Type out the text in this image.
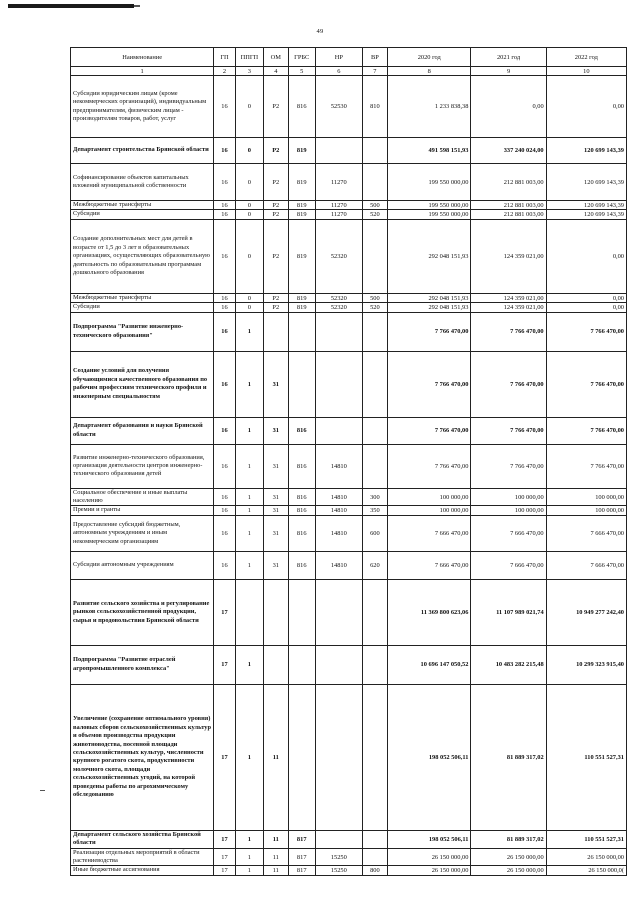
49
Наименование	ГП	ППГП	ОМ	ГРБС	НР	ВР	2020 год	2021 год	2022 год
1	2	3	4	5	6	7	8	9	10
Субсидии юридическим лицам (кроме некоммерческих организаций), индивидуальным предпринимателям, физическим лицам - производителям товаров, работ, услуг	16	0	Р2	816	52530	810	1 233 838,38	0,00	0,00
Департамент строительства Брянской области	16	0	Р2	819			491 598 151,93	337 240 024,00	120 699 143,39
Софинансирование объектов капитальных вложений муниципальной собственности	16	0	Р2	819	11270		199 550 000,00	212 881 003,00	120 699 143,39
Межбюджетные трансферты	16	0	Р2	819	11270	500	199 550 000,00	212 881 003,00	120 699 143,39
Субсидии	16	0	Р2	819	11270	520	199 550 000,00	212 881 003,00	120 699 143,39
Создание дополнительных мест для детей в возрасте от 1,5 до 3 лет в образовательных организациях, осуществляющих образовательную деятельность по образовательным программам дошкольного образования	16	0	Р2	819	52320		292 048 151,93	124 359 021,00	0,00
Межбюджетные трансферты	16	0	Р2	819	52320	500	292 048 151,93	124 359 021,00	0,00
Субсидии	16	0	Р2	819	52320	520	292 048 151,93	124 359 021,00	0,00
Подпрограмма "Развитие инженерно-технического образования"	16	1					7 766 470,00	7 766 470,00	7 766 470,00
Создание условий для получения обучающимися качественного образования по рабочим профессиям технического профиля и инженерным специальностям	16	1	31				7 766 470,00	7 766 470,00	7 766 470,00
Департамент образования и науки Брянской области	16	1	31	816			7 766 470,00	7 766 470,00	7 766 470,00
Развитие инженерно-технического образования, организация деятельности центров инженерно-технического образования детей	16	1	31	816	14810		7 766 470,00	7 766 470,00	7 766 470,00
Социальное обеспечение и иные выплаты населению	16	1	31	816	14810	300	100 000,00	100 000,00	100 000,00
Премии и гранты	16	1	31	816	14810	350	100 000,00	100 000,00	100 000,00
Предоставление субсидий бюджетным, автономным учреждениям и иным некоммерческим организациям	16	1	31	816	14810	600	7 666 470,00	7 666 470,00	7 666 470,00
Субсидии автономным учреждениям	16	1	31	816	14810	620	7 666 470,00	7 666 470,00	7 666 470,00
Развитие сельского хозяйства и регулирование рынков сельскохозяйственной продукции, сырья и продовольствия Брянской области	17						11 369 800 623,06	11 107 989 021,74	10 949 277 242,40
Подпрограмма "Развитие отраслей агропромышленного комплекса"	17	1					10 696 147 050,52	10 483 282 215,48	10 299 323 915,40
Увеличение (сохранение оптимального уровня) валовых сборов сельскохозяйственных культур и объемов производства продукции животноводства, посевной площади сельскохозяйственных культур, численности крупного рогатого скота, продуктивности молочного скота, площади сельскохозяйственных угодий, на которой проведены работы по агрохимическому обследованию	17	1	11				198 052 506,11	81 889 317,02	110 551 527,31
Департамент сельского хозяйства Брянской области	17	1	11	817			198 052 506,11	81 889 317,02	110 551 527,31
Реализация отдельных мероприятий в области растениеводства	17	1	11	817	15250		26 150 000,00	26 150 000,00	26 150 000,00
Иные бюджетные ассигнования	17	1	11	817	15250	800	26 150 000,00	26 150 000,00	26 150 000,0(
